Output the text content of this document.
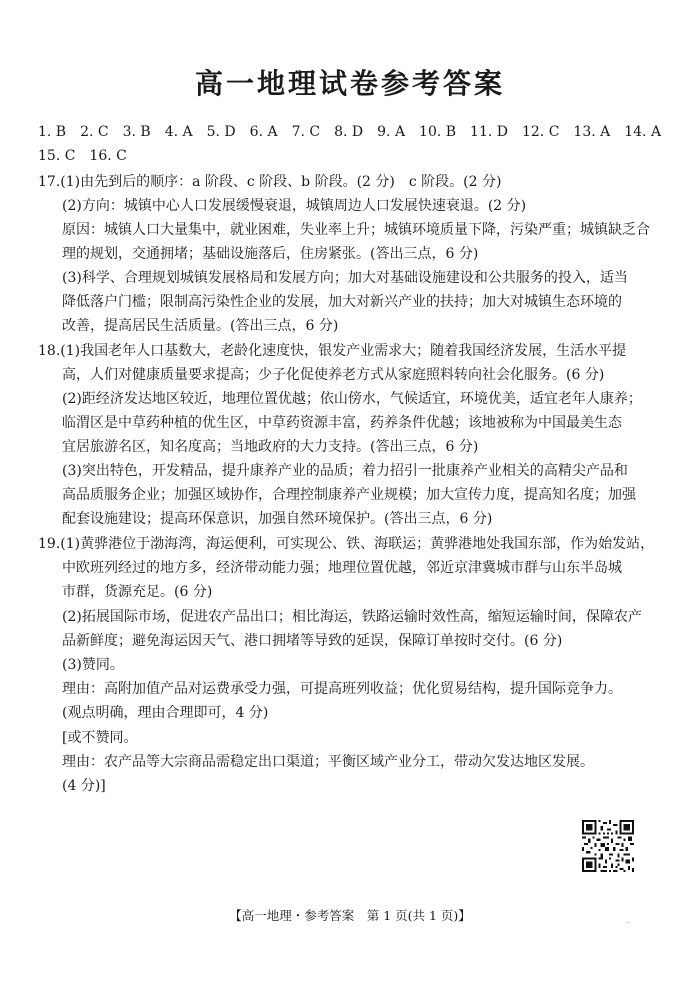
高一地理试卷参考答案
1. B　2. C　3. B　4. A　5. D　6. A　7. C　8. D　9. A　10. B　11. D　12. C　13. A　14. A
15. C　16. C
17.(1)由先到后的顺序：a 阶段、c 阶段、b 阶段。(2 分)　c 阶段。(2 分)
(2)方向：城镇中心人口发展缓慢衰退，城镇周边人口发展快速衰退。(2 分)
原因：城镇人口大量集中，就业困难，失业率上升；城镇环境质量下降，污染严重；城镇缺乏合
理的规划，交通拥堵；基础设施落后，住房紧张。(答出三点，6 分)
(3)科学、合理规划城镇发展格局和发展方向；加大对基础设施建设和公共服务的投入，适当
降低落户门槛；限制高污染性企业的发展，加大对新兴产业的扶持；加大对城镇生态环境的
改善，提高居民生活质量。(答出三点，6 分)
18.(1)我国老年人口基数大，老龄化速度快，银发产业需求大；随着我国经济发展，生活水平提
高，人们对健康质量要求提高；少子化促使养老方式从家庭照料转向社会化服务。(6 分)
(2)距经济发达地区较近，地理位置优越；依山傍水，气候适宜，环境优美，适宜老年人康养；
临渭区是中草药种植的优生区，中草药资源丰富，药养条件优越；该地被称为中国最美生态
宜居旅游名区，知名度高；当地政府的大力支持。(答出三点，6 分)
(3)突出特色，开发精品，提升康养产业的品质；着力招引一批康养产业相关的高精尖产品和
高品质服务企业；加强区域协作，合理控制康养产业规模；加大宣传力度，提高知名度；加强
配套设施建设；提高环保意识，加强自然环境保护。(答出三点，6 分)
19.(1)黄骅港位于渤海湾，海运便利，可实现公、铁、海联运；黄骅港地处我国东部，作为始发站，
中欧班列经过的地方多，经济带动能力强；地理位置优越，邻近京津冀城市群与山东半岛城
市群，货源充足。(6 分)
(2)拓展国际市场，促进农产品出口；相比海运，铁路运输时效性高，缩短运输时间，保障农产
品新鲜度；避免海运因天气、港口拥堵等导致的延误，保障订单按时交付。(6 分)
(3)赞同。
理由：高附加值产品对运费承受力强，可提高班列收益；优化贸易结构，提升国际竞争力。
(观点明确，理由合理即可，4 分)
[或不赞同。
理由：农产品等大宗商品需稳定出口渠道；平衡区域产业分工，带动欠发达地区发展。
(4 分)]
【高一地理・参考答案　第 1 页(共 1 页)】	..
